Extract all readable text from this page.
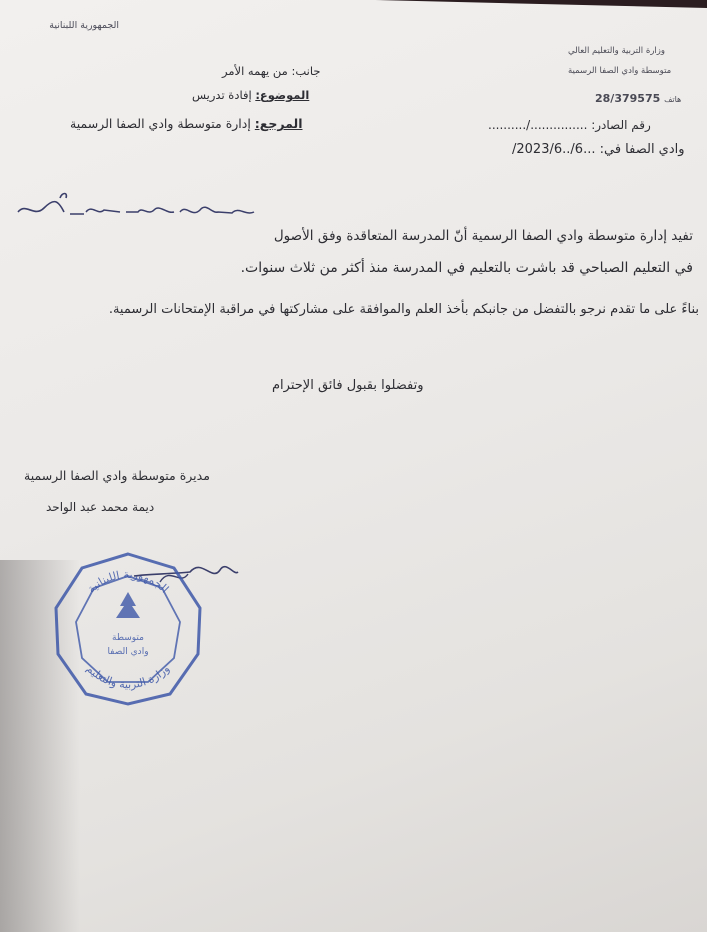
الجمهورية اللبنانية
وزارة التربية والتعليم العالي
متوسطة وادي الصفا الرسمية
هاتف 28/379575
جانب: من يهمه الأمر
الموضوع: إفادة تدريس
المرجع: إدارة متوسطة وادي الصفا الرسمية	رقم الصادر: .............../..........
وادي الصفا في: ...6/..2023/6/
تفيد إدارة متوسطة وادي الصفا الرسمية أنّ المدرسة المتعاقدة وفق الأصول
في التعليم الصباحي قد باشرت بالتعليم في المدرسة منذ أكثر من ثلاث سنوات.
بناءً على ما تقدم نرجو بالتفضل من جانبكم بأخذ العلم والموافقة على مشاركتها في مراقبة الإمتحانات الرسمية.
وتفضلوا بقبول فائق الإحترام
مديرة متوسطة وادي الصفا الرسمية
ديمة محمد عبد الواحد
الجمهورية اللبنانية
وزارة التربية والتعليم
متوسطة
وادي الصفا
